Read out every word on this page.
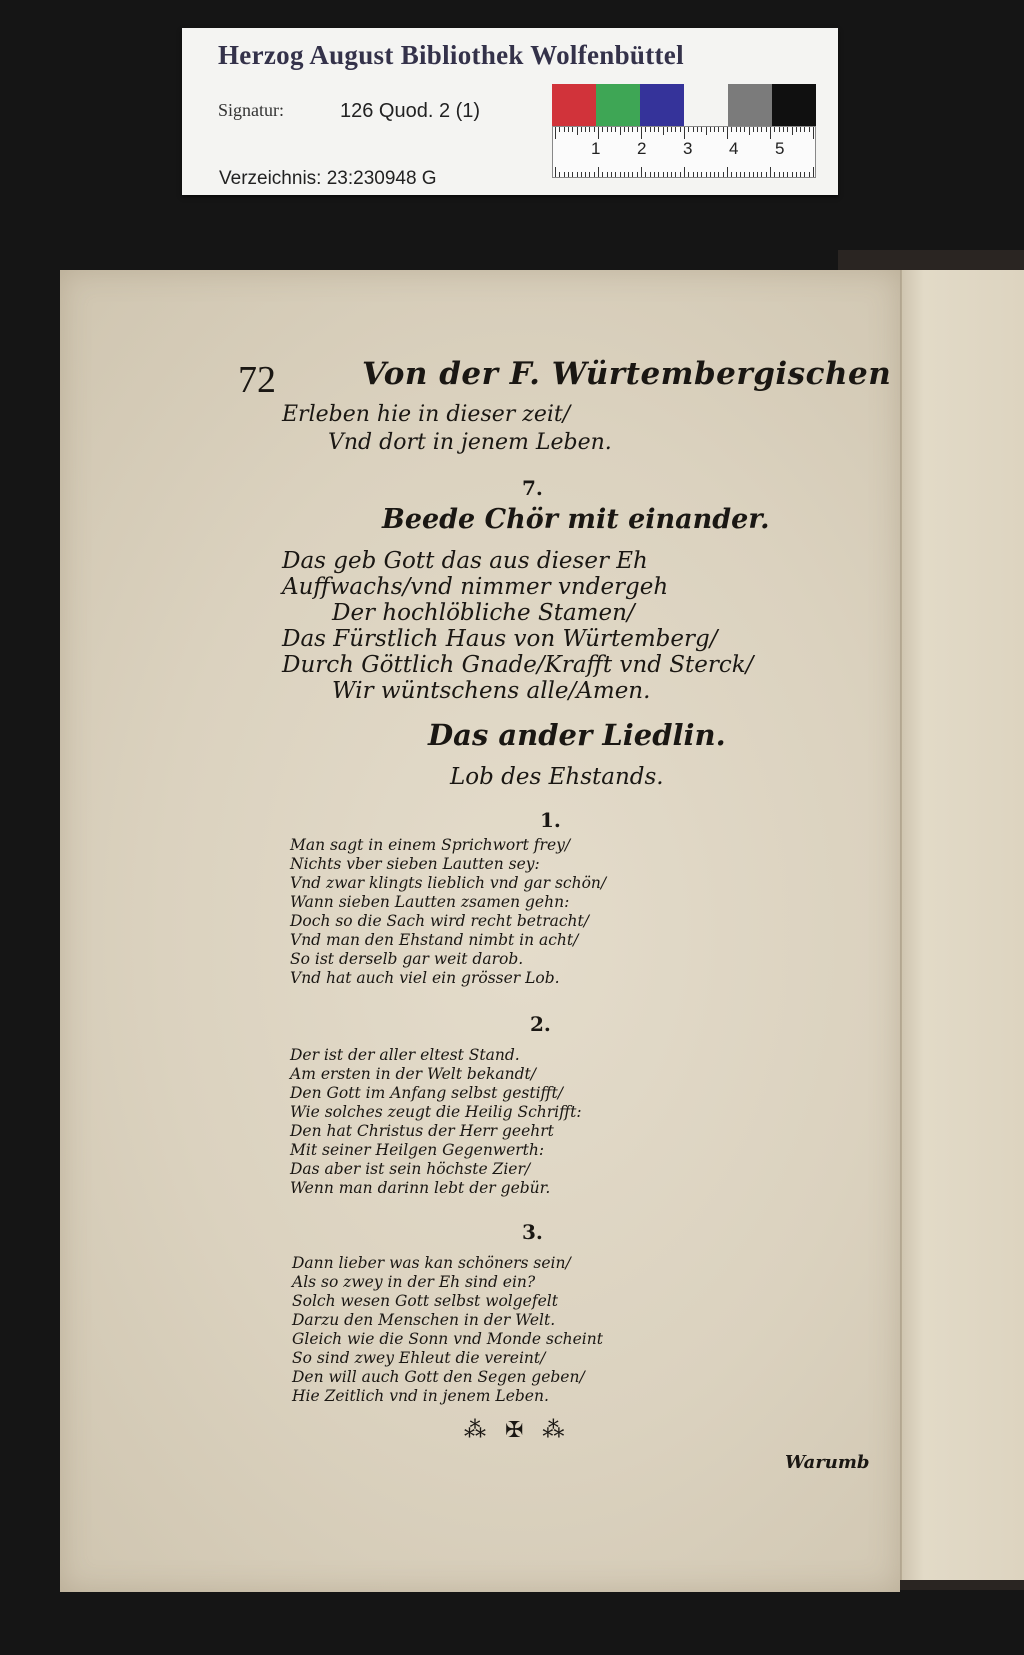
Herzog August Bibliothek Wolfenbüttel
Signatur:	126 Quod. 2 (1)
Verzeichnis: 23:230948 G
1 2 3 4 5
72	Von der F. Würtembergischen
Erleben hie in dieser zeit/
Vnd dort in jenem Leben.
7.
Beede Chör mit einander.
Das geb Gott das aus dieser Eh
Auffwachs/vnd nimmer vndergeh
Der hochlöbliche Stamen/
Das Fürstlich Haus von Würtemberg/
Durch Göttlich Gnade/Krafft vnd Sterck/
Wir wüntschens alle/Amen.
Das ander Liedlin.
Lob des Ehstands.
1.
Man sagt in einem Sprichwort frey/
Nichts vber sieben Lautten sey:
Vnd zwar klingts lieblich vnd gar schön/
Wann sieben Lautten zsamen gehn:
Doch so die Sach wird recht betracht/
Vnd man den Ehstand nimbt in acht/
So ist derselb gar weit darob.
Vnd hat auch viel ein grösser Lob.
2.
Der ist der aller eltest Stand.
Am ersten in der Welt bekandt/
Den Gott im Anfang selbst gestifft/
Wie solches zeugt die Heilig Schrifft:
Den hat Christus der Herr geehrt
Mit seiner Heilgen Gegenwerth:
Das aber ist sein höchste Zier/
Wenn man darinn lebt der gebür.
3.
Dann lieber was kan schöners sein/
Als so zwey in der Eh sind ein?
Solch wesen Gott selbst wolgefelt
Darzu den Menschen in der Welt.
Gleich wie die Sonn vnd Monde scheint
So sind zwey Ehleut die vereint/
Den will auch Gott den Segen geben/
Hie Zeitlich vnd in jenem Leben.
⁂ ✠ ⁂
Warumb
